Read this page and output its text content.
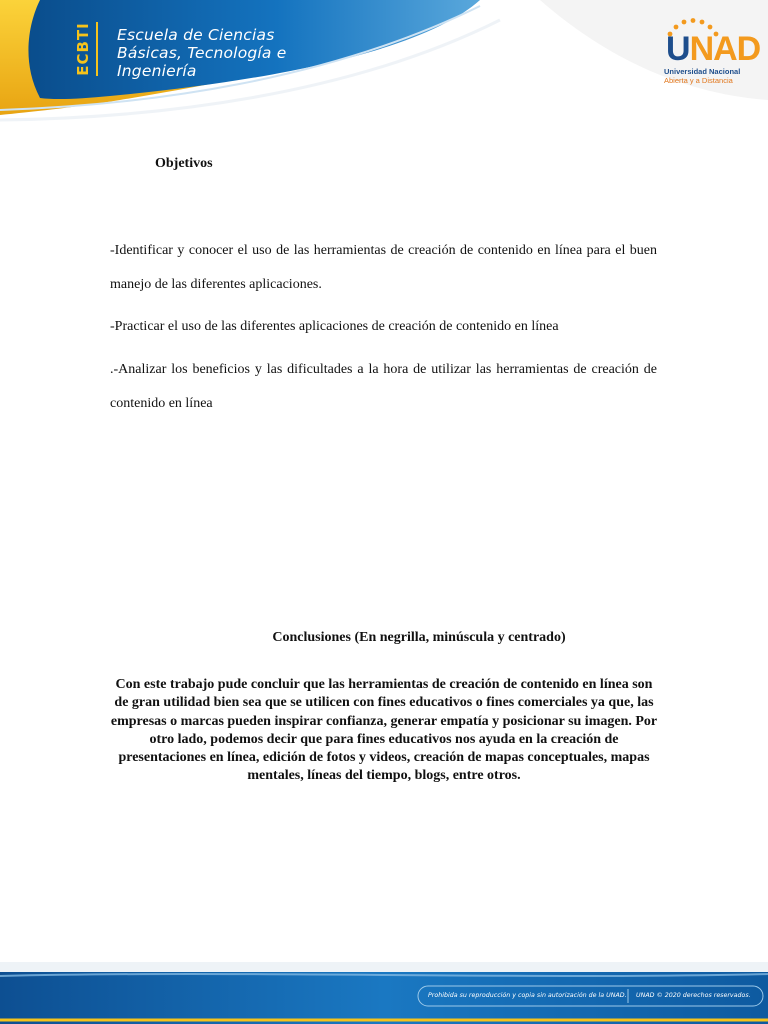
ECBTI Escuela de Ciencias
Básicas, Tecnología e
Ingeniería
UNAD
Universidad Nacional
Abierta y a Distancia
Objetivos
-Identificar y conocer el uso de las herramientas de creación de contenido en línea para el buen manejo de las diferentes aplicaciones.
-Practicar el uso de las diferentes aplicaciones de creación de contenido en línea
.-Analizar los beneficios y las dificultades a la hora de utilizar las herramientas de creación de contenido en línea
Conclusiones (En negrilla, minúscula y centrado)
Con este trabajo pude concluir que las herramientas de creación de contenido en línea son de gran utilidad bien sea que se utilicen con fines educativos o fines comerciales ya que, las empresas o marcas pueden inspirar confianza, generar empatía y posicionar su imagen. Por otro lado, podemos decir que para fines educativos nos ayuda en la creación de presentaciones en línea, edición de fotos y videos, creación de mapas conceptuales, mapas mentales, líneas del tiempo, blogs, entre otros.
Prohibida su reproducción y copia sin autorización de la UNAD. UNAD © 2020 derechos reservados.
